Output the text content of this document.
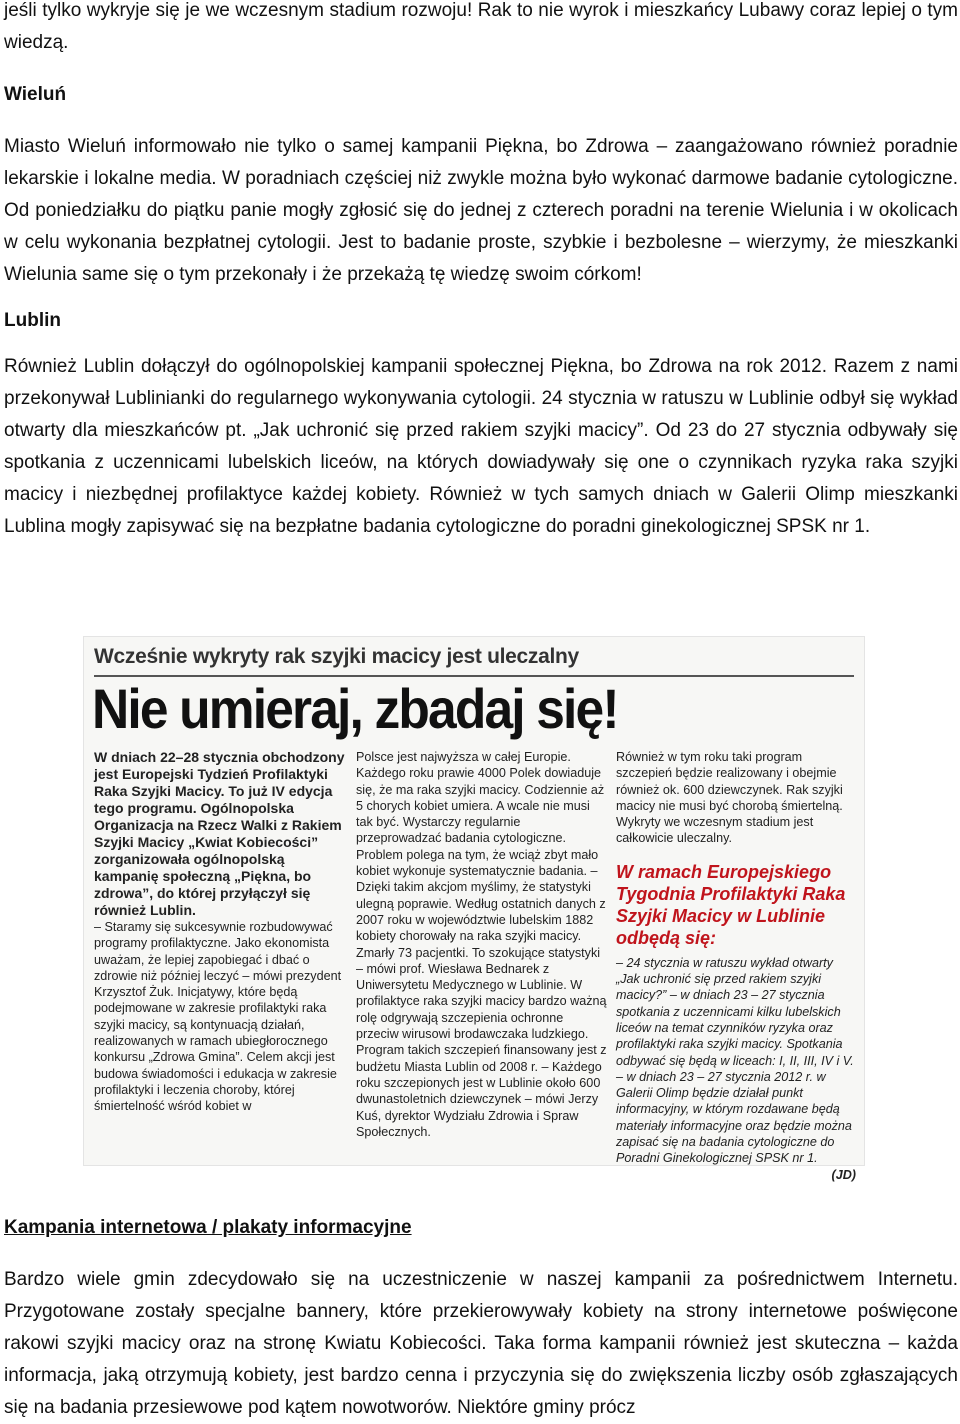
jeśli tylko wykryje się je we wczesnym stadium rozwoju! Rak to nie wyrok i mieszkańcy Lubawy coraz lepiej o tym wiedzą.

Wieluń

Miasto Wieluń informowało nie tylko o samej kampanii Piękna, bo Zdrowa – zaangażowano również poradnie lekarskie i lokalne media. W poradniach częściej niż zwykle można było wykonać darmowe badanie cytologiczne. Od poniedziałku do piątku panie mogły zgłosić się do jednej z czterech poradni na terenie Wielunia i w okolicach w celu wykonania bezpłatnej cytologii. Jest to badanie proste, szybkie i bezbolesne – wierzymy, że mieszkanki Wielunia same się o tym przekonały i że przekażą tę wiedzę swoim córkom!

Lublin

Również Lublin dołączył do ogólnopolskiej kampanii społecznej Piękna, bo Zdrowa na rok 2012. Razem z nami przekonywał Lublinianki do regularnego wykonywania cytologii. 24 stycznia w ratuszu w Lublinie odbył się wykład otwarty dla mieszkańców pt. „Jak uchronić się przed rakiem szyjki macicy”. Od 23 do 27 stycznia odbywały się spotkania z uczennicami lubelskich liceów, na których dowiadywały się one o czynnikach ryzyka raka szyjki macicy i niezbędnej profilaktyce każdej kobiety. Również w tych samych dniach w Galerii Olimp mieszkanki Lublina mogły zapisywać się na bezpłatne badania cytologiczne do poradni ginekologicznej SPSK nr 1.

Wcześnie wykryty rak szyjki macicy jest uleczalny
Nie umieraj, zbadaj się!

W dniach 22–28 stycznia obchodzony jest Europejski Tydzień Profilaktyki Raka Szyjki Macicy. To już IV edycja tego programu. Ogólnopolska Organizacja na Rzecz Walki z Rakiem Szyjki Macicy „Kwiat Kobiecości” zorganizowała ogólnopolską kampanię społeczną „Piękna, bo zdrowa”, do której przyłączył się również Lublin.

– Staramy się sukcesywnie rozbudowywać programy profilaktyczne. Jako ekonomista uważam, że lepiej zapobiegać i dbać o zdrowie niż później leczyć – mówi prezydent Krzysztof Żuk. Inicjatywy, które będą podejmowane w zakresie profilaktyki raka szyjki macicy, są kontynuacją działań, realizowanych w ramach ubiegłorocznego konkursu „Zdrowa Gmina”. Celem akcji jest budowa świadomości i edukacja w zakresie profilaktyki i leczenia choroby, której śmiertelność wśród kobiet w

Polsce jest najwyższa w całej Europie. Każdego roku prawie 4000 Polek dowiaduje się, że ma raka szyjki macicy. Codziennie aż 5 chorych kobiet umiera. A wcale nie musi tak być. Wystarczy regularnie przeprowadzać badania cytologiczne. Problem polega na tym, że wciąż zbyt mało kobiet wykonuje systematycznie badania. – Dzięki takim akcjom myślimy, że statystyki ulegną poprawie. Według ostatnich danych z 2007 roku w województwie lubelskim 1882 kobiety chorowały na raka szyjki macicy. Zmarły 73 pacjentki. To szokujące statystyki – mówi prof. Wiesława Bednarek z Uniwersytetu Medycznego w Lublinie. W profilaktyce raka szyjki macicy bardzo ważną rolę odgrywają szczepienia ochronne przeciw wirusowi brodawczaka ludzkiego. Program takich szczepień finansowany jest z budżetu Miasta Lublin od 2008 r. – Każdego roku szczepionych jest w Lublinie około 600 dwunastoletnich dziewczynek – mówi Jerzy Kuś, dyrektor Wydziału Zdrowia i Spraw Społecznych.

Również w tym roku taki program szczepień będzie realizowany i obejmie również ok. 600 dziewczynek. Rak szyjki macicy nie musi być chorobą śmiertelną. Wykryty we wczesnym stadium jest całkowicie uleczalny.

W ramach Europejskiego Tygodnia Profilaktyki Raka Szyjki Macicy w Lublinie odbędą się:

– 24 stycznia w ratuszu wykład otwarty „Jak uchronić się przed rakiem szyjki macicy?” – w dniach 23 – 27 stycznia spotkania z uczennicami kilku lubelskich liceów na temat czynników ryzyka oraz profilaktyki raka szyjki macicy. Spotkania odbywać się będą w liceach: I, II, III, IV i V. – w dniach 23 – 27 stycznia 2012 r. w Galerii Olimp będzie działał punkt informacyjny, w którym rozdawane będą materiały informacyjne oraz będzie można zapisać się na badania cytologiczne do Poradni Ginekologicznej SPSK nr 1.

(JD)

Kampania internetowa / plakaty informacyjne

Bardzo wiele gmin zdecydowało się na uczestniczenie w naszej kampanii za pośrednictwem Internetu. Przygotowane zostały specjalne bannery, które przekierowywały kobiety na strony internetowe poświęcone rakowi szyjki macicy oraz na stronę Kwiatu Kobiecości. Taka forma kampanii również jest skuteczna – każda informacja, jaką otrzymują kobiety, jest bardzo cenna i przyczynia się do zwiększenia liczby osób zgłaszających się na badania przesiewowe pod kątem nowotworów. Niektóre gminy prócz
